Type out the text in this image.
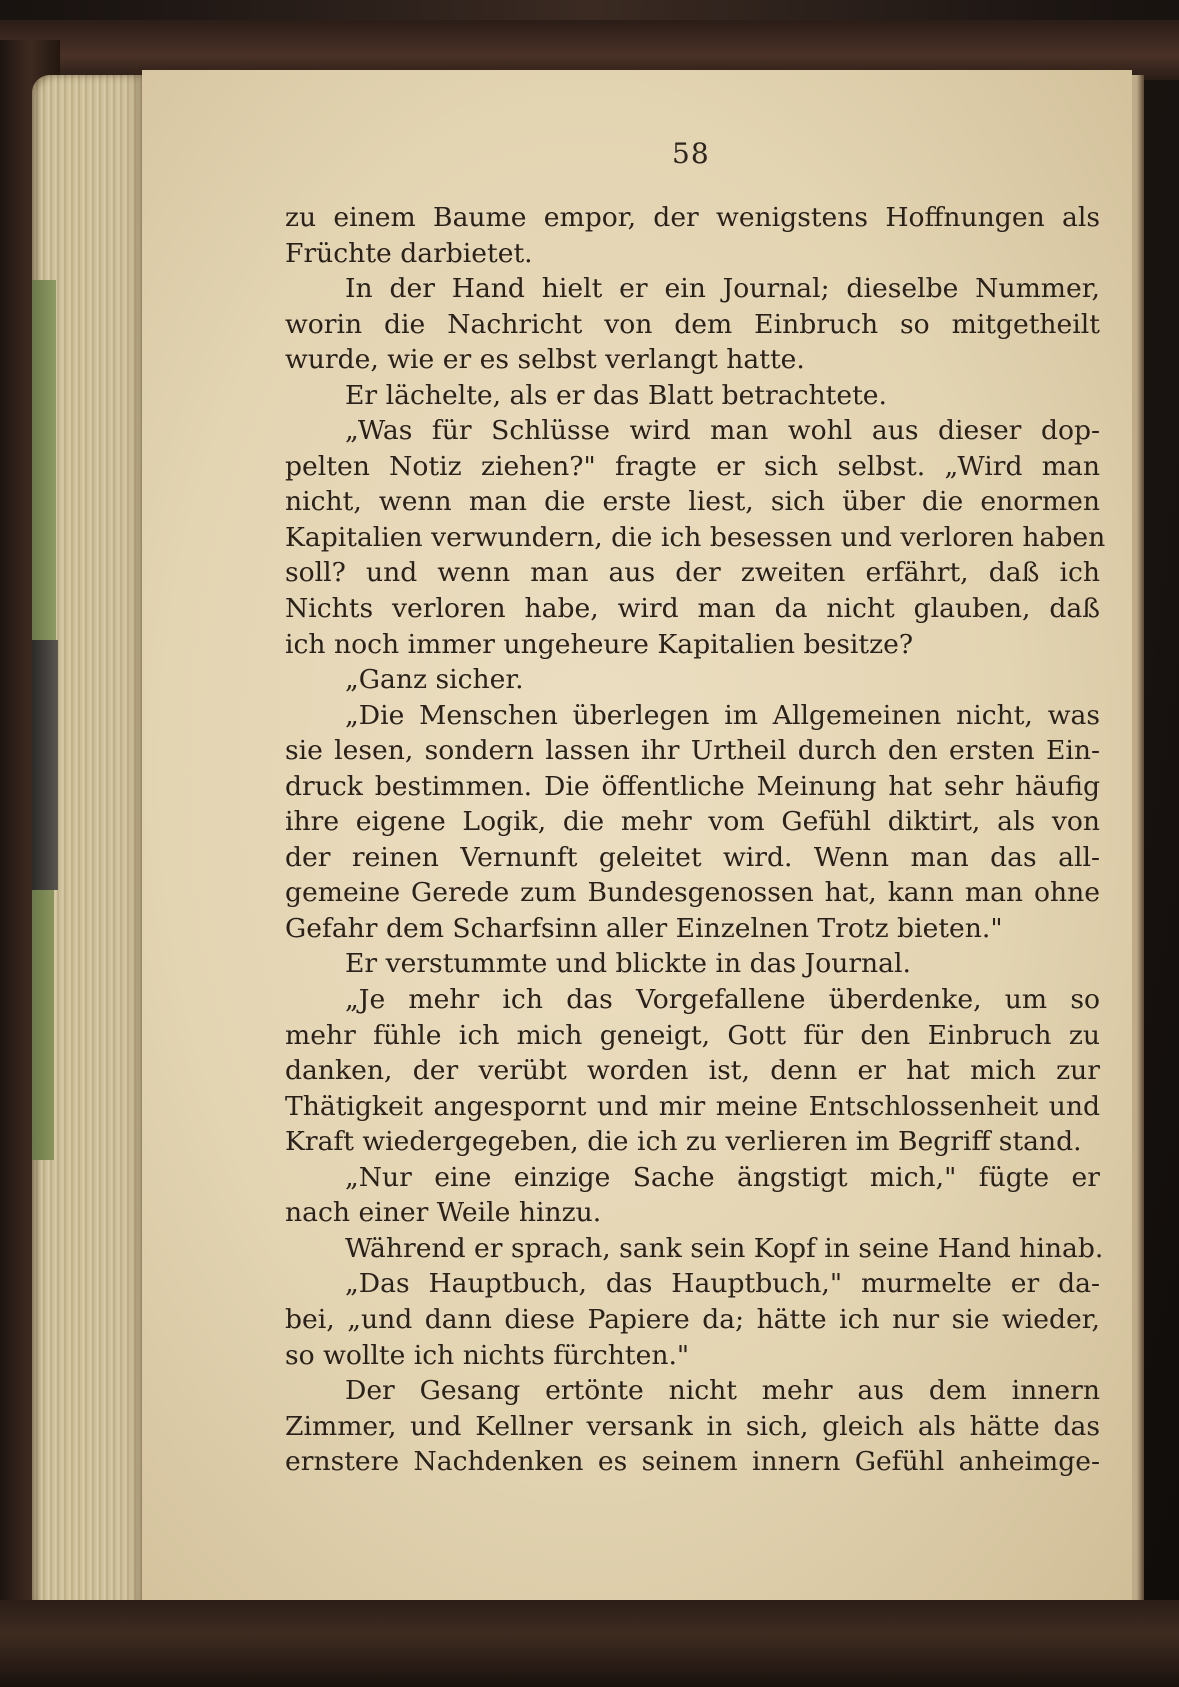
58
zu einem Baume empor, der wenigstens Hoffnungen als
Früchte darbietet.
In der Hand hielt er ein Journal; dieselbe Nummer,
worin die Nachricht von dem Einbruch so mitgetheilt
wurde, wie er es selbst verlangt hatte.
Er lächelte, als er das Blatt betrachtete.
„Was für Schlüsse wird man wohl aus dieser dop-
pelten Notiz ziehen?" fragte er sich selbst. „Wird man
nicht, wenn man die erste liest, sich über die enormen
Kapitalien verwundern, die ich besessen und verloren haben
soll? und wenn man aus der zweiten erfährt, daß ich
Nichts verloren habe, wird man da nicht glauben, daß
ich noch immer ungeheure Kapitalien besitze?
„Ganz sicher.
„Die Menschen überlegen im Allgemeinen nicht, was
sie lesen, sondern lassen ihr Urtheil durch den ersten Ein-
druck bestimmen. Die öffentliche Meinung hat sehr häufig
ihre eigene Logik, die mehr vom Gefühl diktirt, als von
der reinen Vernunft geleitet wird. Wenn man das all-
gemeine Gerede zum Bundesgenossen hat, kann man ohne
Gefahr dem Scharfsinn aller Einzelnen Trotz bieten."
Er verstummte und blickte in das Journal.
„Je mehr ich das Vorgefallene überdenke, um so
mehr fühle ich mich geneigt, Gott für den Einbruch zu
danken, der verübt worden ist, denn er hat mich zur
Thätigkeit angespornt und mir meine Entschlossenheit und
Kraft wiedergegeben, die ich zu verlieren im Begriff stand.
„Nur eine einzige Sache ängstigt mich," fügte er
nach einer Weile hinzu.
Während er sprach, sank sein Kopf in seine Hand hinab.
„Das Hauptbuch, das Hauptbuch," murmelte er da-
bei, „und dann diese Papiere da; hätte ich nur sie wieder,
so wollte ich nichts fürchten."
Der Gesang ertönte nicht mehr aus dem innern
Zimmer, und Kellner versank in sich, gleich als hätte das
ernstere Nachdenken es seinem innern Gefühl anheimge-
